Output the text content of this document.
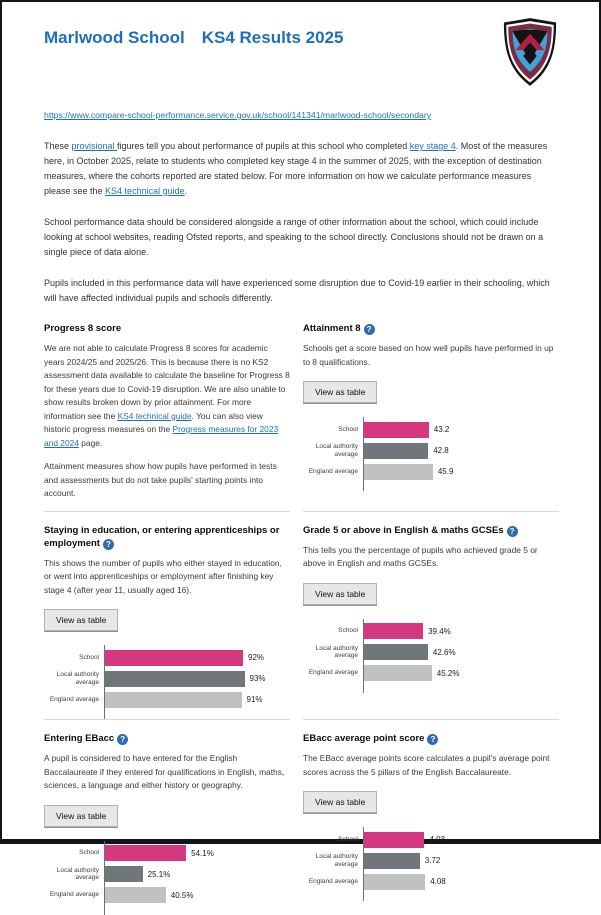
Marlwood School KS4 Results 2025
https://www.compare-school-performance.service.gov.uk/school/141341/marlwood-school/secondary

These provisional figures tell you about performance of pupils at this school who completed key stage 4. Most of the measures here, in October 2025, relate to students who completed key stage 4 in the summer of 2025, with the exception of destination measures, where the cohorts reported are stated below. For more information on how we calculate performance measures please see the KS4 technical guide.

School performance data should be considered alongside a range of other information about the school, which could include looking at school websites, reading Ofsted reports, and speaking to the school directly. Conclusions should not be drawn on a single piece of data alone.

Pupils included in this performance data will have experienced some disruption due to Covid-19 earlier in their schooling, which will have affected individual pupils and schools differently.

Progress 8 score

We are not able to calculate Progress 8 scores for academic years 2024/25 and 2025/26. This is because there is no KS2 assessment data available to calculate the baseline for Progress 8 for these years due to Covid-19 disruption. We are also unable to show results broken down by prior attainment. For more information see the KS4 technical guide. You can also view historic progress measures on the Progress measures for 2023 and 2024 page.

Attainment measures show how pupils have performed in tests and assessments but do not take pupils' starting points into account.

Attainment 8 ?

Schools get a score based on how well pupils have performed in up to 8 qualifications.

View as table
School
Local authority average
England average
43.2
42.8
45.9
Staying in education, or entering apprenticeships or employment ?

This shows the number of pupils who either stayed in education, or went into apprenticeships or employment after finishing key stage 4 (after year 11, usually aged 16).

View as table
School
Local authority average
England average
92%
93%
91%
Grade 5 or above in English & maths GCSEs ?

This tells you the percentage of pupils who achieved grade 5 or above in English and maths GCSEs.

View as table
School
Local authority average
England average
39.4%
42.6%
45.2%
Entering EBacc ?

A pupil is considered to have entered for the English Baccalaureate if they entered for qualifications in English, maths, sciences, a language and either history or geography.

View as table
School
Local authority average
England average
54.1%
25.1%
40.5%
EBacc average point score ?

The EBacc average points score calculates a pupil's average point scores across the 5 pillars of the English Baccalaureate.

View as table
School
Local authority average
England average
4.03
3.72
4.08
